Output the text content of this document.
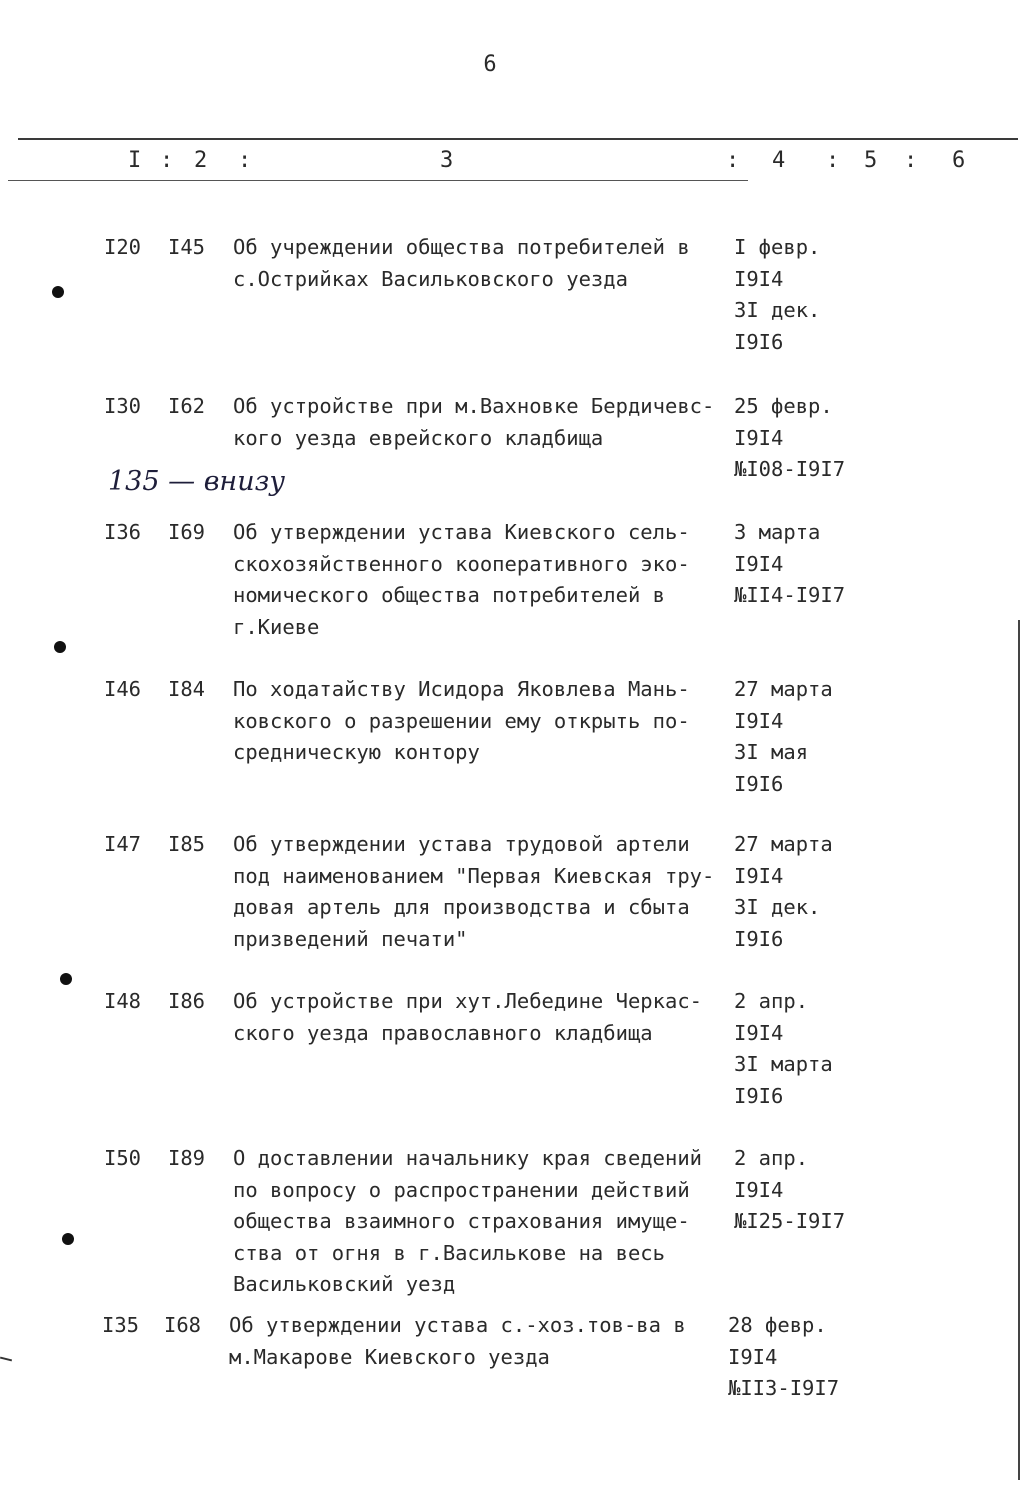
6
I : 2 :	3	: 4 : 5 : 6
I20 I45 Об учреждении общества потребителей в
с.Острийках Васильковского уезда
I февр.
I9I4
3I дек.
I9I6
I30 I62 Об устройстве при м.Вахновке Бердичевс-
кого уезда еврейского кладбища
25 февр.
I9I4
№I08-I9I7
135 — внизу
I36 I69 Об утверждении устава Киевского сель-
скохозяйственного кооперативного эко-
номического общества потребителей в
г.Киеве
3 марта
I9I4
№II4-I9I7
I46 I84 По ходатайству Исидора Яковлева Мань-
ковского о разрешении ему открыть по-
средническую контору
27 марта
I9I4
3I мая
I9I6
I47 I85 Об утверждении устава трудовой артели
под наименованием "Первая Киевская тру-
довая артель для производства и сбыта
призведений печати"
27 марта
I9I4
3I дек.
I9I6
I48 I86 Об устройстве при хут.Лебедине Черкас-
ского уезда православного кладбища
2 апр.
I9I4
3I марта
I9I6
I50 I89 О доставлении начальнику края сведений
по вопросу о распространении действий
общества взаимного страхования имуще-
ства от огня в г.Василькове на весь
Васильковский уезд
2 апр.
I9I4
№I25-I9I7
I35 I68 Об утверждении устава с.-хоз.тов-ва в
м.Макарове Киевского уезда
28 февр.
I9I4
№II3-I9I7
